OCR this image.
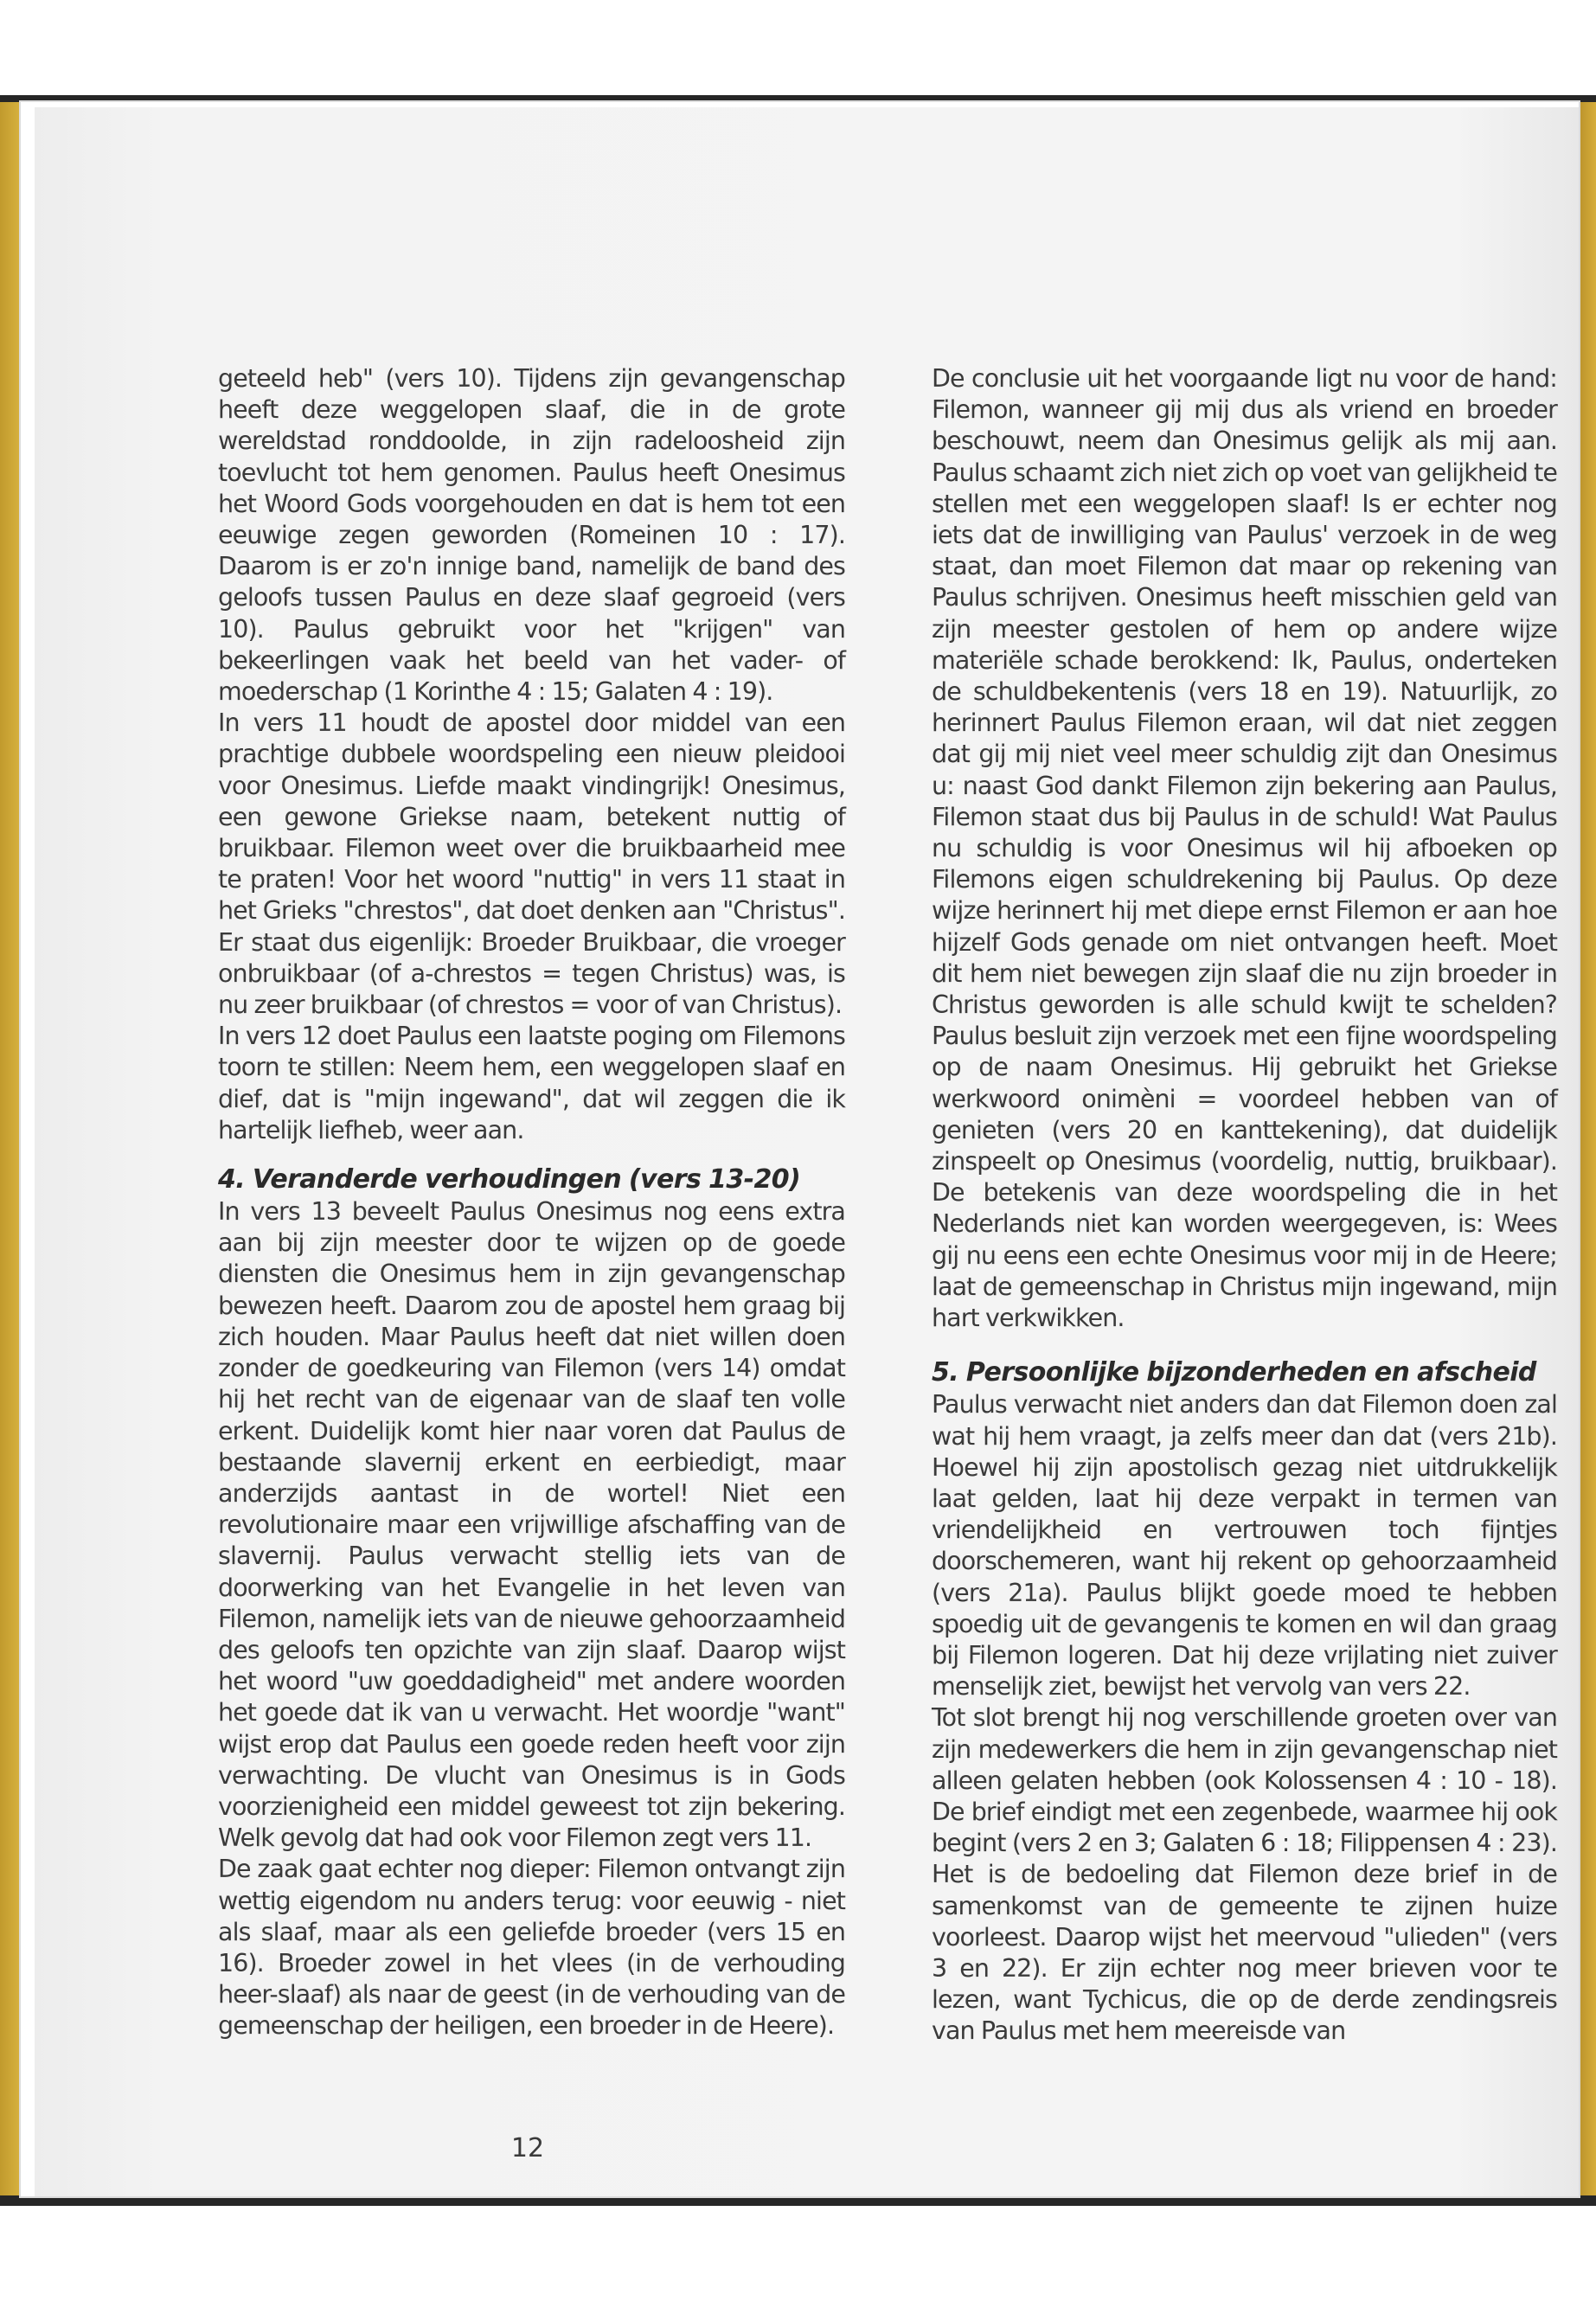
geteeld heb" (vers 10). Tijdens zijn gevangenschap heeft deze weggelopen slaaf, die in de grote wereldstad ronddoolde, in zijn radeloosheid zijn toevlucht tot hem genomen. Paulus heeft Onesimus het Woord Gods voorgehouden en dat is hem tot een eeuwige zegen geworden (Romeinen 10 : 17). Daarom is er zo'n innige band, namelijk de band des geloofs tussen Paulus en deze slaaf gegroeid (vers 10). Paulus gebruikt voor het "krijgen" van bekeerlingen vaak het beeld van het vader- of moederschap (1 Korinthe 4 : 15; Galaten 4 : 19).

In vers 11 houdt de apostel door middel van een prachtige dubbele woordspeling een nieuw pleidooi voor Onesimus. Liefde maakt vindingrijk! Onesimus, een gewone Griekse naam, betekent nuttig of bruikbaar. Filemon weet over die bruikbaarheid mee te praten! Voor het woord "nuttig" in vers 11 staat in het Grieks "chrestos", dat doet denken aan "Christus". Er staat dus eigenlijk: Broeder Bruikbaar, die vroeger onbruikbaar (of a-chrestos = tegen Christus) was, is nu zeer bruikbaar (of chrestos = voor of van Christus).

In vers 12 doet Paulus een laatste poging om Filemons toorn te stillen: Neem hem, een weggelopen slaaf en dief, dat is "mijn ingewand", dat wil zeggen die ik hartelijk liefheb, weer aan.

4. Veranderde verhoudingen (vers 13-20)

In vers 13 beveelt Paulus Onesimus nog eens extra aan bij zijn meester door te wijzen op de goede diensten die Onesimus hem in zijn gevangenschap bewezen heeft. Daarom zou de apostel hem graag bij zich houden. Maar Paulus heeft dat niet willen doen zonder de goedkeuring van Filemon (vers 14) omdat hij het recht van de eigenaar van de slaaf ten volle erkent. Duidelijk komt hier naar voren dat Paulus de bestaande slavernij erkent en eerbiedigt, maar anderzijds aantast in de wortel! Niet een revolutionaire maar een vrijwillige afschaffing van de slavernij. Paulus verwacht stellig iets van de doorwerking van het Evangelie in het leven van Filemon, namelijk iets van de nieuwe gehoorzaamheid des geloofs ten opzichte van zijn slaaf. Daarop wijst het woord "uw goeddadigheid" met andere woorden het goede dat ik van u verwacht. Het woordje "want" wijst erop dat Paulus een goede reden heeft voor zijn verwachting. De vlucht van Onesimus is in Gods voorzienigheid een middel geweest tot zijn bekering. Welk gevolg dat had ook voor Filemon zegt vers 11.

De zaak gaat echter nog dieper: Filemon ontvangt zijn wettig eigendom nu anders terug: voor eeuwig - niet als slaaf, maar als een geliefde broeder (vers 15 en 16). Broeder zowel in het vlees (in de verhouding heer-slaaf) als naar de geest (in de verhouding van de gemeenschap der heiligen, een broeder in de Heere).

De conclusie uit het voorgaande ligt nu voor de hand: Filemon, wanneer gij mij dus als vriend en broeder beschouwt, neem dan Onesimus gelijk als mij aan. Paulus schaamt zich niet zich op voet van gelijkheid te stellen met een weggelopen slaaf! Is er echter nog iets dat de inwilliging van Paulus' verzoek in de weg staat, dan moet Filemon dat maar op rekening van Paulus schrijven. Onesimus heeft misschien geld van zijn meester gestolen of hem op andere wijze materiële schade berokkend: Ik, Paulus, onderteken de schuldbekentenis (vers 18 en 19). Natuurlijk, zo herinnert Paulus Filemon eraan, wil dat niet zeggen dat gij mij niet veel meer schuldig zijt dan Onesimus u: naast God dankt Filemon zijn bekering aan Paulus, Filemon staat dus bij Paulus in de schuld! Wat Paulus nu schuldig is voor Onesimus wil hij afboeken op Filemons eigen schuldrekening bij Paulus. Op deze wijze herinnert hij met diepe ernst Filemon er aan hoe hijzelf Gods genade om niet ontvangen heeft. Moet dit hem niet bewegen zijn slaaf die nu zijn broeder in Christus geworden is alle schuld kwijt te schelden? Paulus besluit zijn verzoek met een fijne woordspeling op de naam Onesimus. Hij gebruikt het Griekse werkwoord onimèni = voordeel hebben van of genieten (vers 20 en kanttekening), dat duidelijk zinspeelt op Onesimus (voordelig, nuttig, bruikbaar). De betekenis van deze woordspeling die in het Nederlands niet kan worden weergegeven, is: Wees gij nu eens een echte Onesimus voor mij in de Heere; laat de gemeenschap in Christus mijn ingewand, mijn hart verkwikken.

5. Persoonlijke bijzonderheden en afscheid

Paulus verwacht niet anders dan dat Filemon doen zal wat hij hem vraagt, ja zelfs meer dan dat (vers 21b). Hoewel hij zijn apostolisch gezag niet uitdrukkelijk laat gelden, laat hij deze verpakt in termen van vriendelijkheid en vertrouwen toch fijntjes doorschemeren, want hij rekent op gehoorzaamheid (vers 21a). Paulus blijkt goede moed te hebben spoedig uit de gevangenis te komen en wil dan graag bij Filemon logeren. Dat hij deze vrijlating niet zuiver menselijk ziet, bewijst het vervolg van vers 22.

Tot slot brengt hij nog verschillende groeten over van zijn medewerkers die hem in zijn gevangenschap niet alleen gelaten hebben (ook Kolossensen 4 : 10 - 18). De brief eindigt met een zegenbede, waarmee hij ook begint (vers 2 en 3; Galaten 6 : 18; Filippensen 4 : 23). Het is de bedoeling dat Filemon deze brief in de samenkomst van de gemeente te zijnen huize voorleest. Daarop wijst het meervoud "ulieden" (vers 3 en 22). Er zijn echter nog meer brieven voor te lezen, want Tychicus, die op de derde zendingsreis van Paulus met hem meereisde van

12
